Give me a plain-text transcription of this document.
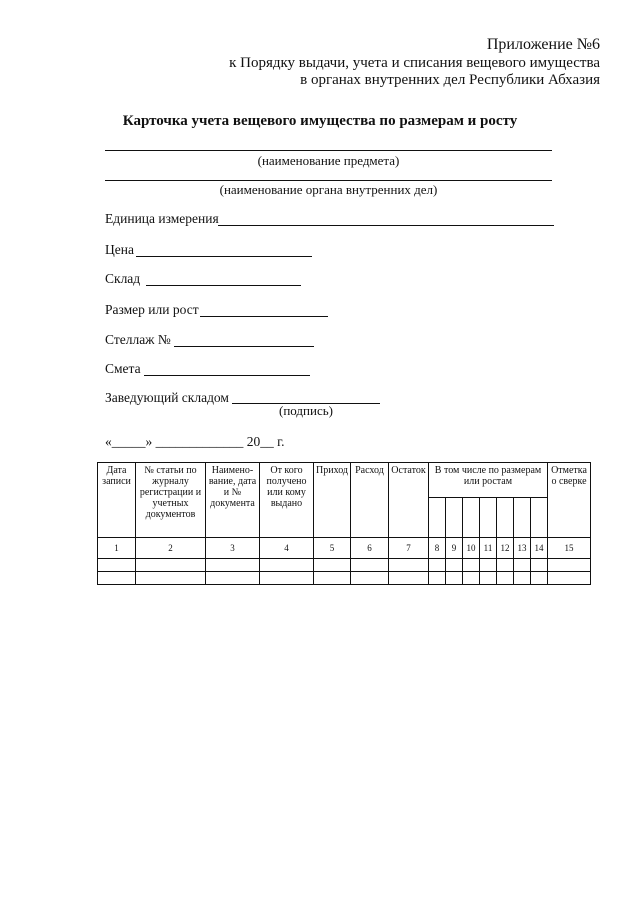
Приложение №6
к Порядку выдачи, учета и списания вещевого имущества
в органах внутренних дел Республики Абхазия
Карточка учета вещевого имущества по размерам и росту
(наименование предмета)
(наименование органа внутренних дел)
Единица измерения
Цена
Склад
Размер или рост
Стеллаж №
Смета
Заведующий складом
(подпись)
«_____» _____________ 20__ г.
Дата записи	№ статьи по журналу регистрации и учетных документов	Наимено-вание, дата и № документа	От кого получено или кому выдано	Приход	Расход	Остаток	В том числе по размерам или ростам							Отметка о сверке

1	2	3	4	5	6	7	8	9	10	11	12	13	14	15
